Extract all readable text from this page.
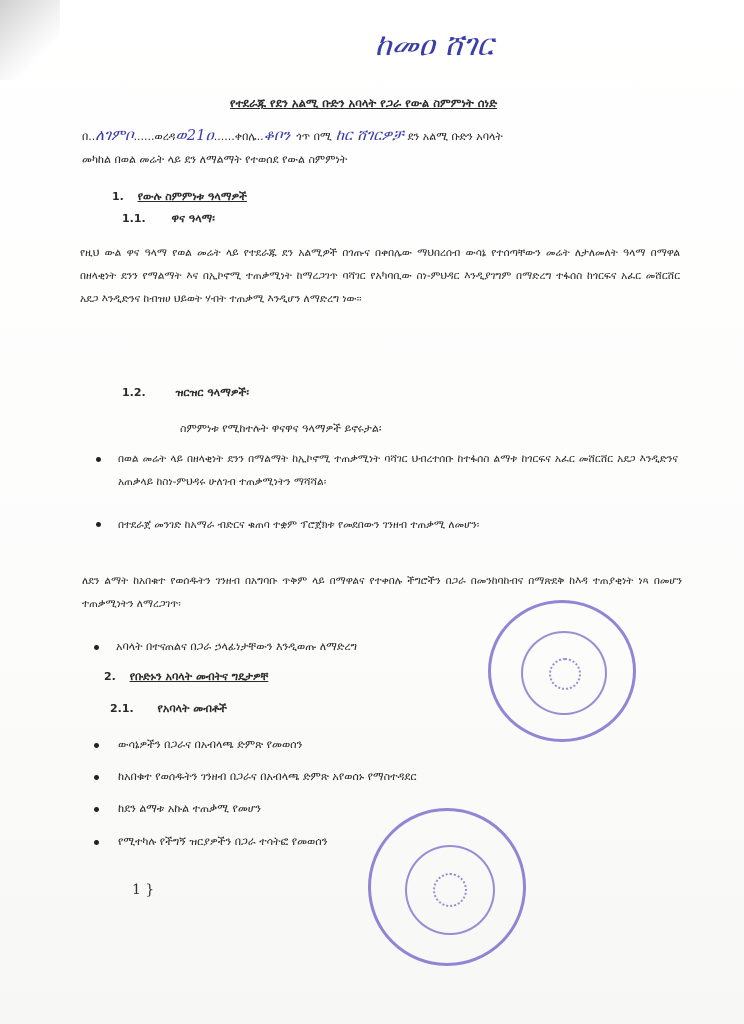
ከመዐ ሸገር
የተደራጁ የደን አልሚ ቡድን አባላት የጋራ የውል ስምምነት ሰነድ
በ..ለገምቦ......ወረዳወ21ዐ......ቀበሌ..ቆቦን ጎጥ በሚ ከር ሸገርዎቻ ደን አልሚ ቡድን አባላት
መካከል በወል መሬት ላይ ደን ለማልማት የተወሰደ የውል ስምምነት
1. የውሉ ስምምነቱ ዓላማዎች
1.1. ዋና ዓላማ፡
የዚህ ውል ዋና ዓላማ የወል መሬት ላይ የተደራጁ ደን አልሚዎች በጎጡና በቀበሌው ማህበረሰብ ውሳኔ የተሰጣቸውን መሬት ለታለመለት ዓላማ በማዋል በዘላቂነት ደንን የማልማት እና በኢኮኖሚ ተጠቃሚነት ከማረጋገጥ ባሻገር የአካባቢው ስነ-ምህዳር እንዲያገግም በማድረግ ተፋሰስ ከጎርፍና አፈር መሸርሸር አደጋ እንዲድንና ከብዝሀ ህይወት ሃብት ተጠቃሚ እንዲሆን ለማድረግ ነው፡፡
1.2.	ዝርዝር ዓላማዎች፡
ስምምነቱ የሚከተሉት ዋናዋና ዓላማዎች ይኖሩታል፡
በወል መሬት ላይ በዘላቂነት ደንን በማልማት ከኢኮኖሚ ተጠቃሚነት ባሻገር ህብረተሰቡ ከተፋሰስ ልማቱ ከጎርፍና አፈር መሸርሸር አደጋ እንዲድንና አጠቃላይ ከስነ-ምህዳሩ ሁለገብ ተጠቃሚነትን ማሻሻል፡
በተደራጀ መንገድ ከአማራ ብድርና ቁጠባ ተቋም ፕሮጀክቱ የመደበውን ገንዘብ ተጠቃሚ ለመሆን፡
ለደን ልማት ከአበቁተ የወሰዱትን ገንዘብ በአግባቡ ጥቅም ላይ በማዋልና የተቀበሉ ችግሮችን በጋራ በመንከባከብና በማጽደቅ ከእዳ ተጠያቂነት ነጻ በመሆን ተጠቃሚነትን ለማረጋገጥ፡
አባላት በተናጠልና በጋራ ኃላፊነታቸውን እንዲወጡ ለማድረግ
2. የቡድኑን አባላት መብትና ግዴታዎቸ
2.1. የአባላት መብቶች
ውሳኔዎችን በጋራና በአብላጫ ድምጽ የመወሰን
ከአበቁተ የወሰዱትን ገንዘብ በጋራና በአብላጫ ድምጽ አየወሰኑ የማስተዳደር
ከደን ልማቱ አኩል ተጠቃሚ የመሆን
የሚተካሉ የችግኝ ዝርያዎችን በጋራ ተሳትፎ የመወሰን
1 }
